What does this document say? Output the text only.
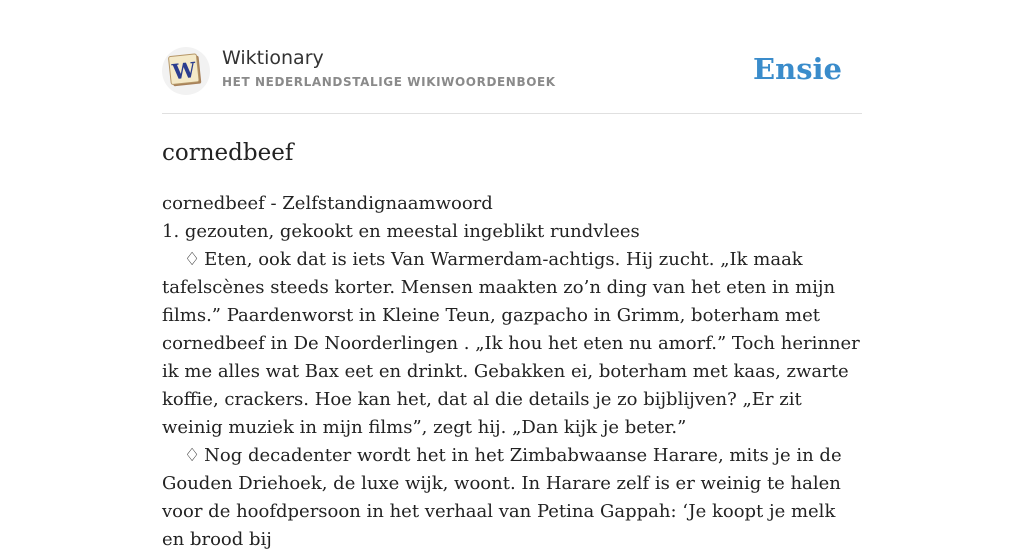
W Wiktionary
HET NEDERLANDSTALIGE WIKIWOORDENBOEK	Ensie
cornedbeef

cornedbeef - Zelfstandignaamwoord

1. gezouten, gekookt en meestal ingeblikt rundvlees

♢ Eten, ook dat is iets Van Warmerdam-achtigs. Hij zucht. „Ik maak tafelscènes steeds korter. Mensen maakten zo’n ding van het eten in mijn films.” Paardenworst in Kleine Teun, gazpacho in Grimm, boterham met cornedbeef in De Noorderlingen . „Ik hou het eten nu amorf.” Toch herinner ik me alles wat Bax eet en drinkt. Gebakken ei, boterham met kaas, zwarte koffie, crackers. Hoe kan het, dat al die details je zo bijblijven? „Er zit weinig muziek in mijn films”, zegt hij. „Dan kijk je beter.”

♢ Nog decadenter wordt het in het Zimbabwaanse Harare, mits je in de Gouden Driehoek, de luxe wijk, woont. In Harare zelf is er weinig te halen voor de hoofdpersoon in het verhaal van Petina Gappah: ‘Je koopt je melk en brood bij
